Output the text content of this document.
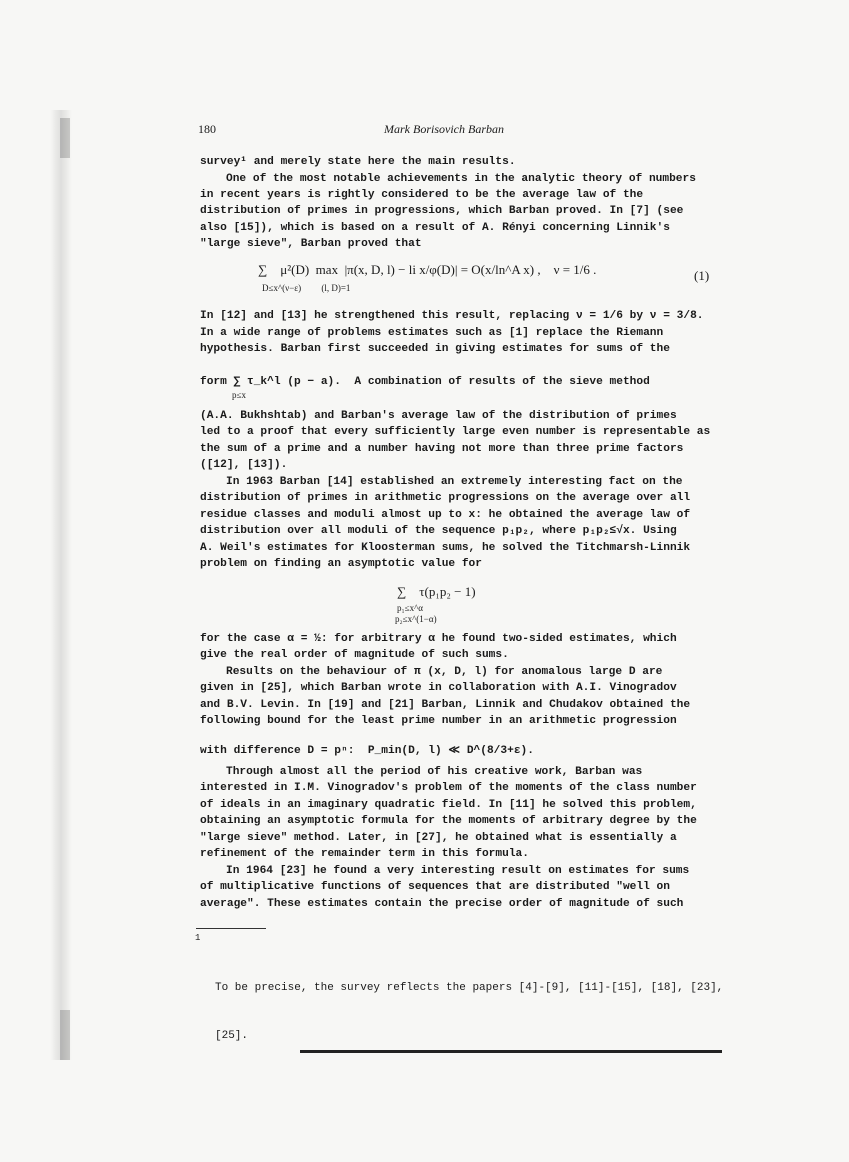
180	Mark Borisovich Barban
survey¹ and merely state here the main results.
One of the most notable achievements in the analytic theory of numbers
in recent years is rightly considered to be the average law of the
distribution of primes in progressions, which Barban proved. In [7] (see
also [15]), which is based on a result of A. Rényi concerning Linnik's
"large sieve", Barban proved that
∑    μ²(D)  max  |π(x, D, l) − li x/φ(D)| = O(x/ln^A x) ,    ν = 1/6 .
D≤x^(ν−ε)         (l, D)=1
(1)
In [12] and [13] he strengthened this result, replacing ν = 1/6 by ν = 3/8.
In a wide range of problems estimates such as [1] replace the Riemann
hypothesis. Barban first succeeded in giving estimates for sums of the
form ∑ τ_k^l (p − a).  A combination of results of the sieve method
p≤x
(A.A. Bukhshtab) and Barban's average law of the distribution of primes
led to a proof that every sufficiently large even number is representable as
the sum of a prime and a number having not more than three prime factors
([12], [13]).
In 1963 Barban [14] established an extremely interesting fact on the
distribution of primes in arithmetic progressions on the average over all
residue classes and moduli almost up to x: he obtained the average law of
distribution over all moduli of the sequence p₁p₂, where p₁p₂≤√x. Using
A. Weil's estimates for Kloosterman sums, he solved the Titchmarsh-Linnik
problem on finding an asymptotic value for
∑    τ(p₁p₂ − 1)
p₁≤x^α
p₂≤x^(1−α)
for the case α = ½: for arbitrary α he found two-sided estimates, which
give the real order of magnitude of such sums.
Results on the behaviour of π (x, D, l) for anomalous large D are
given in [25], which Barban wrote in collaboration with A.I. Vinogradov
and B.V. Levin. In [19] and [21] Barban, Linnik and Chudakov obtained the
following bound for the least prime number in an arithmetic progression
with difference D = pⁿ:  P_min(D, l) ≪ D^(8/3+ε).
Through almost all the period of his creative work, Barban was
interested in I.M. Vinogradov's problem of the moments of the class number
of ideals in an imaginary quadratic field. In [11] he solved this problem,
obtaining an asymptotic formula for the moments of arbitrary degree by the
"large sieve" method. Later, in [27], he obtained what is essentially a
refinement of the remainder term in this formula.
In 1964 [23] he found a very interesting result on estimates for sums
of multiplicative functions of sequences that are distributed "well on
average". These estimates contain the precise order of magnitude of such

1

To be precise, the survey reflects the papers [4]-[9], [11]-[15], [18], [23],

[25].
